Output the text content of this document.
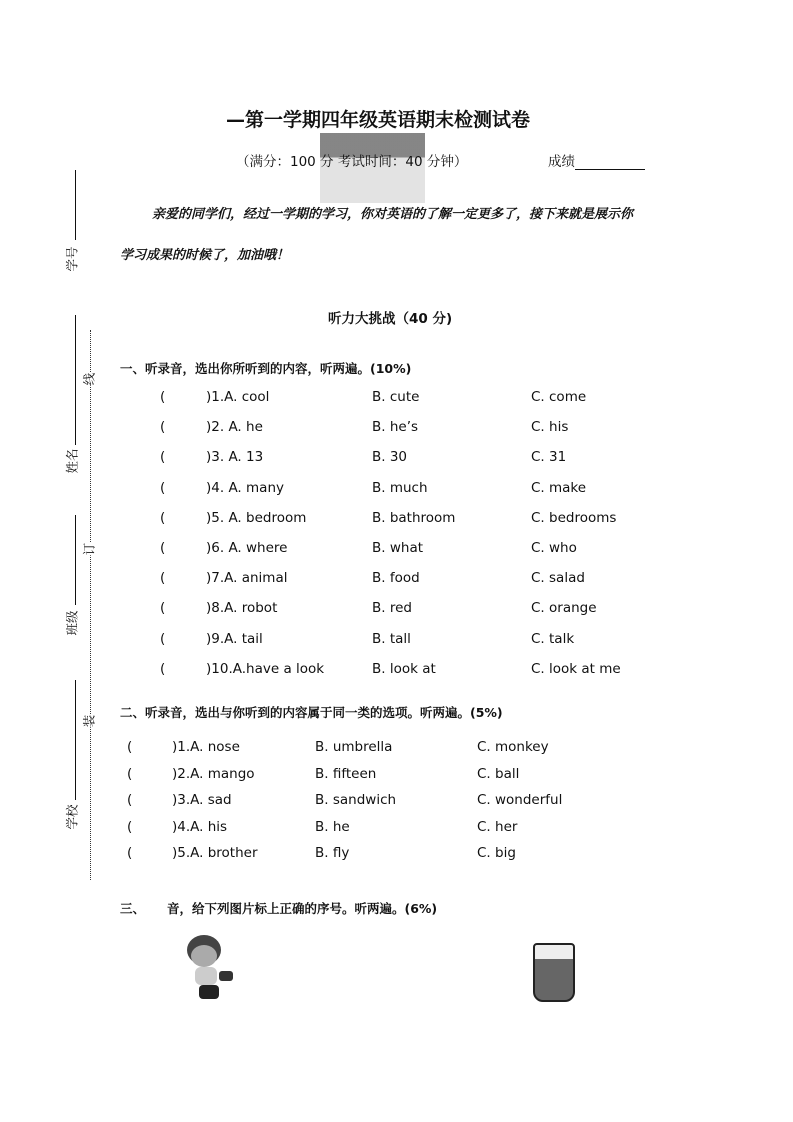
—第一学期四年级英语期末检测试卷
（满分：100 分 考试时间：40 分钟）	成绩
亲爱的同学们，经过一学期的学习，你对英语的了解一定更多了，接下来就是展示你
学习成果的时候了，加油哦！
学号
姓名
班级
学校
线
订
装
听力大挑战（40 分)
一、听录音，选出你所听到的内容，听两遍。(10%)
(	)1.A. cool	B. cute	C. come
(	)2. A. he	B. he’s	C. his
(	)3. A. 13	B. 30	C. 31
(	)4. A. many	B. much	C. make
(	)5. A. bedroom	B. bathroom	C. bedrooms
(	)6. A. where	B. what	C. who
(	)7.A. animal	B. food	C. salad
(	)8.A. robot	B. red	C. orange
(	)9.A. tail	B. tall	C. talk
(	)10.A.have a look	B. look at	C. look at me
二、听录音，选出与你听到的内容属于同一类的选项。听两遍。(5%)
(	)1.A. nose	B. umbrella	C. monkey
(	)2.A. mango	B. fifteen	C. ball
(	)3.A. sad	B. sandwich	C. wonderful
(	)4.A. his	B. he	C. her
(	)5.A. brother	B. fly	C. big
三、 音，给下列图片标上正确的序号。听两遍。(6%)
